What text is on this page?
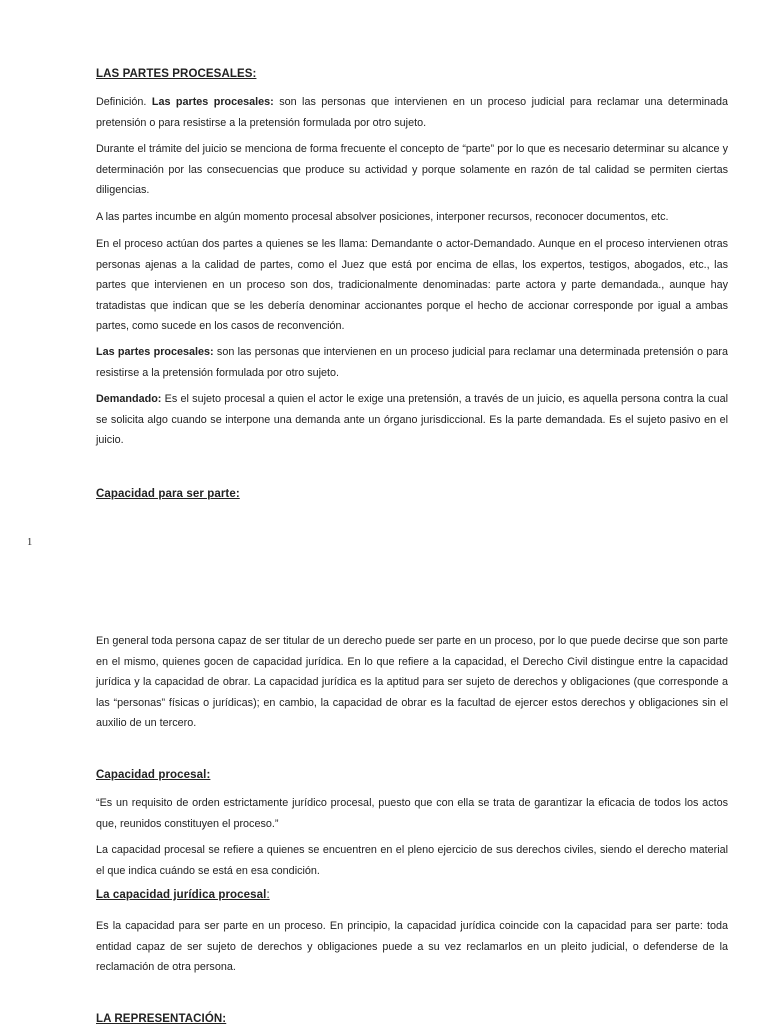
LAS PARTES PROCESALES:

Definición. Las partes procesales: son las personas que intervienen en un proceso judicial para reclamar una determinada pretensión o para resistirse a la pretensión formulada por otro sujeto.

Durante el trámite del juicio se menciona de forma frecuente el concepto de “parte” por lo que es necesario determinar su alcance y determinación por las consecuencias que produce su actividad y porque solamente en razón de tal calidad se permiten ciertas diligencias.

A las partes incumbe en algún momento procesal absolver posiciones, interponer recursos, reconocer documentos, etc.

En el proceso actúan dos partes a quienes se les llama: Demandante o actor-Demandado. Aunque en el proceso intervienen otras personas ajenas a la calidad de partes, como el Juez que está por encima de ellas, los expertos, testigos, abogados, etc., las partes que intervienen en un proceso son dos, tradicionalmente denominadas: parte actora y parte demandada., aunque hay tratadistas que indican que se les debería denominar accionantes porque el hecho de accionar corresponde por igual a ambas partes, como sucede en los casos de reconvención.

Las partes procesales: son las personas que intervienen en un proceso judicial para reclamar una determinada pretensión o para resistirse a la pretensión formulada por otro sujeto.

Demandado: Es el sujeto procesal a quien el actor le exige una pretensión, a través de un juicio, es aquella persona contra la cual se solicita algo cuando se interpone una demanda ante un órgano jurisdiccional. Es la parte demandada. Es el sujeto pasivo en el juicio.

Capacidad para ser parte:
1

En general toda persona capaz de ser titular de un derecho puede ser parte en un proceso, por lo que puede decirse que son parte en el mismo, quienes gocen de capacidad jurídica. En lo que refiere a la capacidad, el Derecho Civil distingue entre la capacidad jurídica y la capacidad de obrar. La capacidad jurídica es la aptitud para ser sujeto de derechos y obligaciones (que corresponde a las “personas” físicas o jurídicas); en cambio, la capacidad de obrar es la facultad de ejercer estos derechos y obligaciones sin el auxilio de un tercero.

Capacidad procesal:

“Es un requisito de orden estrictamente jurídico procesal, puesto que con ella se trata de garantizar la eficacia de todos los actos que, reunidos constituyen el proceso.”

La capacidad procesal se refiere a quienes se encuentren en el pleno ejercicio de sus derechos civiles, siendo el derecho material el que indica cuándo se está en esa condición.

La capacidad jurídica procesal:

Es la capacidad para ser parte en un proceso. En principio, la capacidad jurídica coincide con la capacidad para ser parte: toda entidad capaz de ser sujeto de derechos y obligaciones puede a su vez reclamarlos en un pleito judicial, o defenderse de la reclamación de otra persona.

LA REPRESENTACIÓN:
